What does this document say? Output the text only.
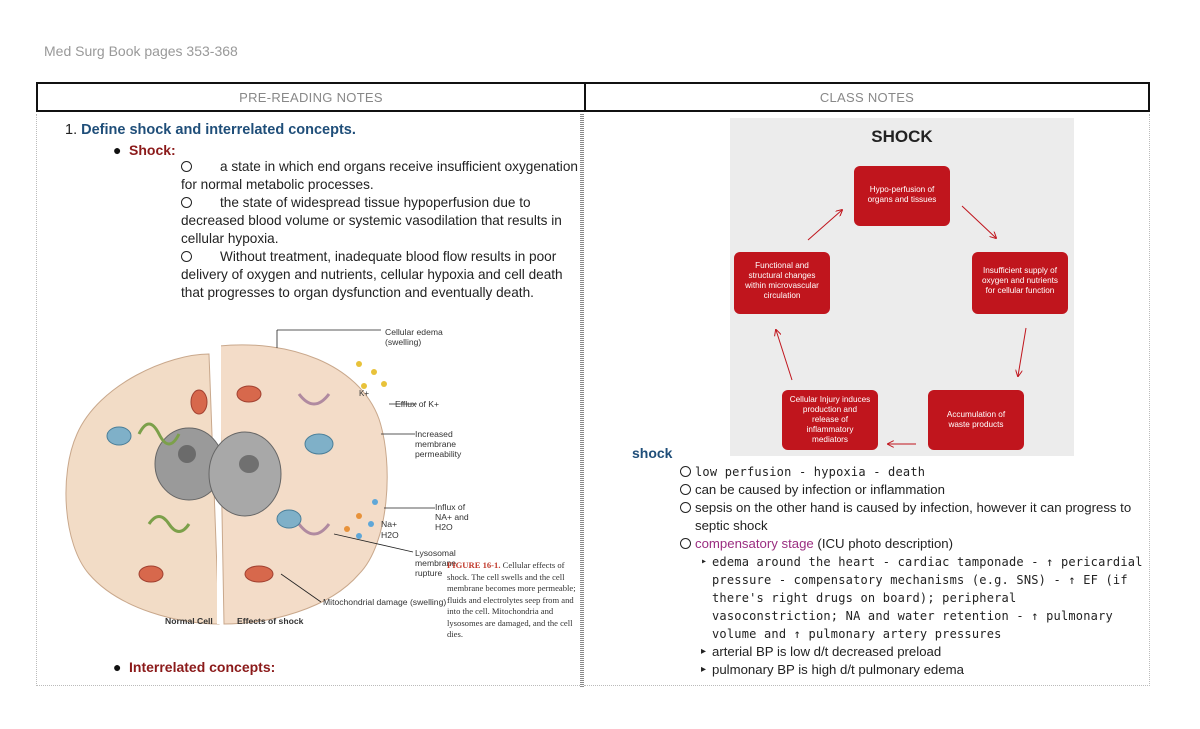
Med Surg Book pages 353-368
PRE-READING NOTES	CLASS NOTES
1. Define shock and interrelated concepts.
● Shock:
a state in which end organs receive insufficient oxygenation for normal metabolic processes.
the state of widespread tissue hypoperfusion due to decreased blood volume or systemic vasodilation that results in cellular hypoxia.
Without treatment, inadequate blood flow results in poor delivery of oxygen and nutrients, cellular hypoxia and cell death that progresses to organ dysfunction and eventually death.
Cellular edema
(swelling)
K+
Efflux of K+
Increased
membrane
permeability
Influx of
NA+ and
H2O
Na+
H2O
Lysosomal
membrane
rupture
Mitochondrial damage (swelling)
Normal Cell	Effects of shock
FIGURE 16-1. Cellular effects of shock. The cell swells and the cell membrane becomes more permeable; fluids and electrolytes seep from and into the cell. Mitochondria and lysosomes are damaged, and the cell dies.
● Interrelated concepts:
SHOCK
Hypo-perfusion of
organs and tissues
Insufficient supply of
oxygen and nutrients
for cellular function
Accumulation of
waste products
Cellular Injury induces
production and
release of
inflammatory
mediators
Functional and
structural changes
within microvascular
circulation
shock
low perfusion - hypoxia - death
can be caused by infection or inflammation
sepsis on the other hand is caused by infection, however it can progress to septic shock
compensatory stage (ICU photo description)
▸ edema around the heart - cardiac tamponade - ↑ pericardial pressure - compensatory mechanisms (e.g. SNS) - ↑ EF (if there's right drugs on board); peripheral vasoconstriction; NA and water retention - ↑ pulmonary volume and ↑ pulmonary artery pressures
▸ arterial BP is low d/t decreased preload
▸ pulmonary BP is high d/t pulmonary edema
